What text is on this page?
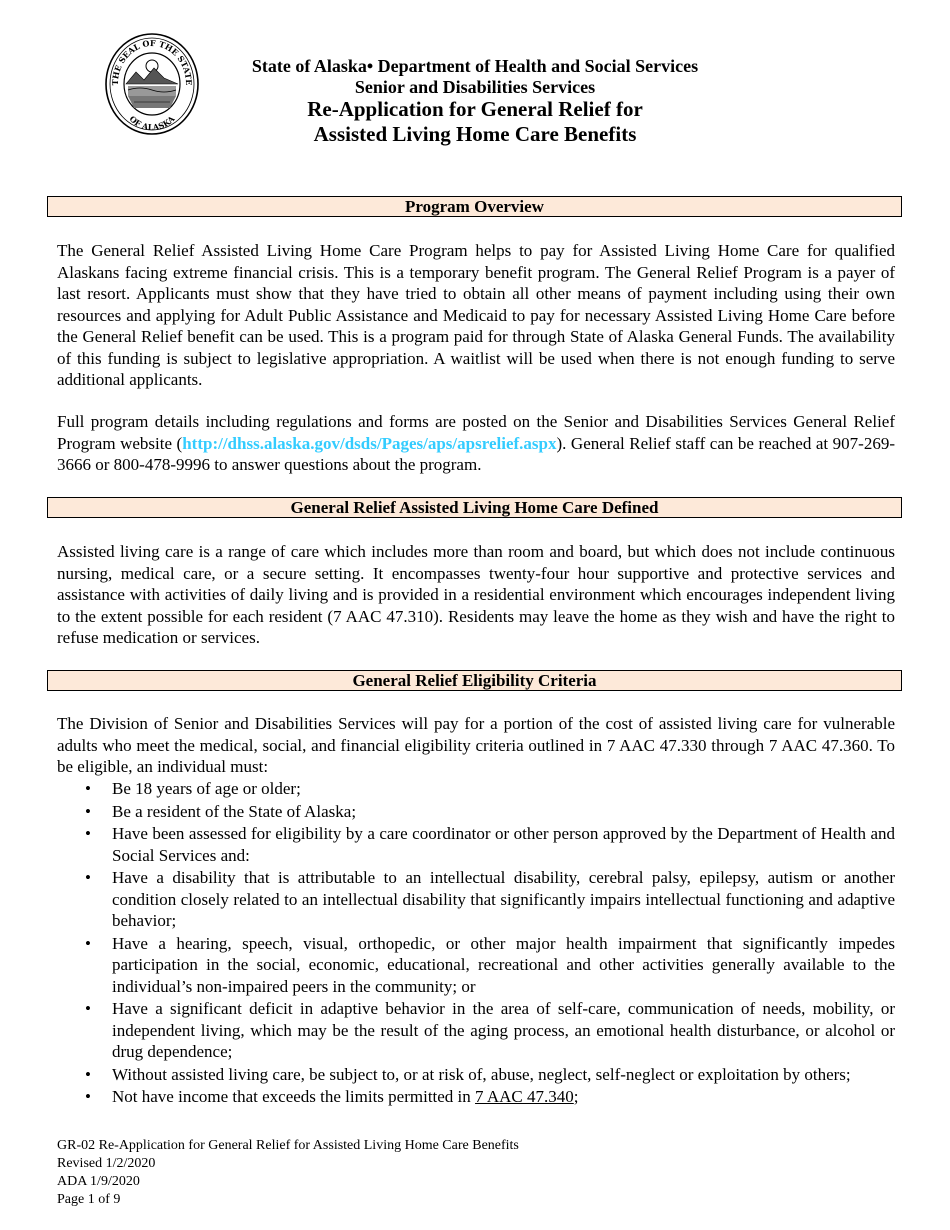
THE SEAL OF THE STATE
OF ALASKA
State of Alaska• Department of Health and Social Services
Senior and Disabilities Services
Re-Application for General Relief for
Assisted Living Home Care Benefits
Program Overview

The General Relief Assisted Living Home Care Program helps to pay for Assisted Living Home Care for qualified Alaskans facing extreme financial crisis. This is a temporary benefit program. The General Relief Program is a payer of last resort. Applicants must show that they have tried to obtain all other means of payment including using their own resources and applying for Adult Public Assistance and Medicaid to pay for necessary Assisted Living Home Care before the General Relief benefit can be used. This is a program paid for through State of Alaska General Funds. The availability of this funding is subject to legislative appropriation. A waitlist will be used when there is not enough funding to serve additional applicants.

Full program details including regulations and forms are posted on the Senior and Disabilities Services General Relief Program website (http://dhss.alaska.gov/dsds/Pages/aps/apsrelief.aspx). General Relief staff can be reached at 907-269-3666 or 800-478-9996 to answer questions about the program.

General Relief Assisted Living Home Care Defined

Assisted living care is a range of care which includes more than room and board, but which does not include continuous nursing, medical care, or a secure setting. It encompasses twenty-four hour supportive and protective services and assistance with activities of daily living and is provided in a residential environment which encourages independent living to the extent possible for each resident (7 AAC 47.310). Residents may leave the home as they wish and have the right to refuse medication or services.

General Relief Eligibility Criteria

The Division of Senior and Disabilities Services will pay for a portion of the cost of assisted living care for vulnerable adults who meet the medical, social, and financial eligibility criteria outlined in 7 AAC 47.330 through 7 AAC 47.360. To be eligible, an individual must:

• Be 18 years of age or older;
• Be a resident of the State of Alaska;
• Have been assessed for eligibility by a care coordinator or other person approved by the Department of Health and Social Services and:
• Have a disability that is attributable to an intellectual disability, cerebral palsy, epilepsy, autism or another condition closely related to an intellectual disability that significantly impairs intellectual functioning and adaptive behavior;
• Have a hearing, speech, visual, orthopedic, or other major health impairment that significantly impedes participation in the social, economic, educational, recreational and other activities generally available to the individual’s non-impaired peers in the community; or
• Have a significant deficit in adaptive behavior in the area of self-care, communication of needs, mobility, or independent living, which may be the result of the aging process, an emotional health disturbance, or alcohol or drug dependence;
• Without assisted living care, be subject to, or at risk of, abuse, neglect, self-neglect or exploitation by others;
• Not have income that exceeds the limits permitted in 7 AAC 47.340;
GR-02 Re-Application for General Relief for Assisted Living Home Care Benefits
Revised 1/2/2020
ADA 1/9/2020
Page 1 of 9
